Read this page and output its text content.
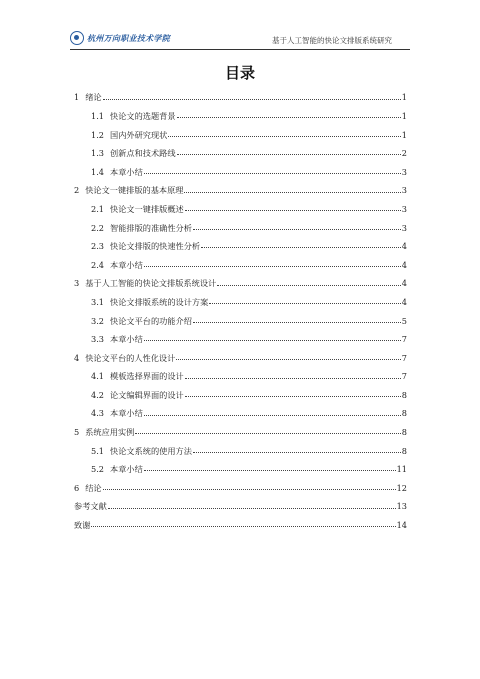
杭州万向职业技术学院	基于人工智能的快论文排版系统研究
目录
1 绪论	1
1.1 快论文的选题背景	1
1.2 国内外研究现状	1
1.3 创新点和技术路线	2
1.4 本章小结	3
2 快论文一键排版的基本原理	3
2.1 快论文一键排版概述	3
2.2 智能排版的准确性分析	3
2.3 快论文排版的快速性分析	4
2.4 本章小结	4
3 基于人工智能的快论文排版系统设计	4
3.1 快论文排版系统的设计方案	4
3.2 快论文平台的功能介绍	5
3.3 本章小结	7
4 快论文平台的人性化设计	7
4.1 模板选择界面的设计	7
4.2 论文编辑界面的设计	8
4.3 本章小结	8
5 系统应用实例	8
5.1 快论文系统的使用方法	8
5.2 本章小结	11
6 结论	12
参考文献	13
致谢	14
